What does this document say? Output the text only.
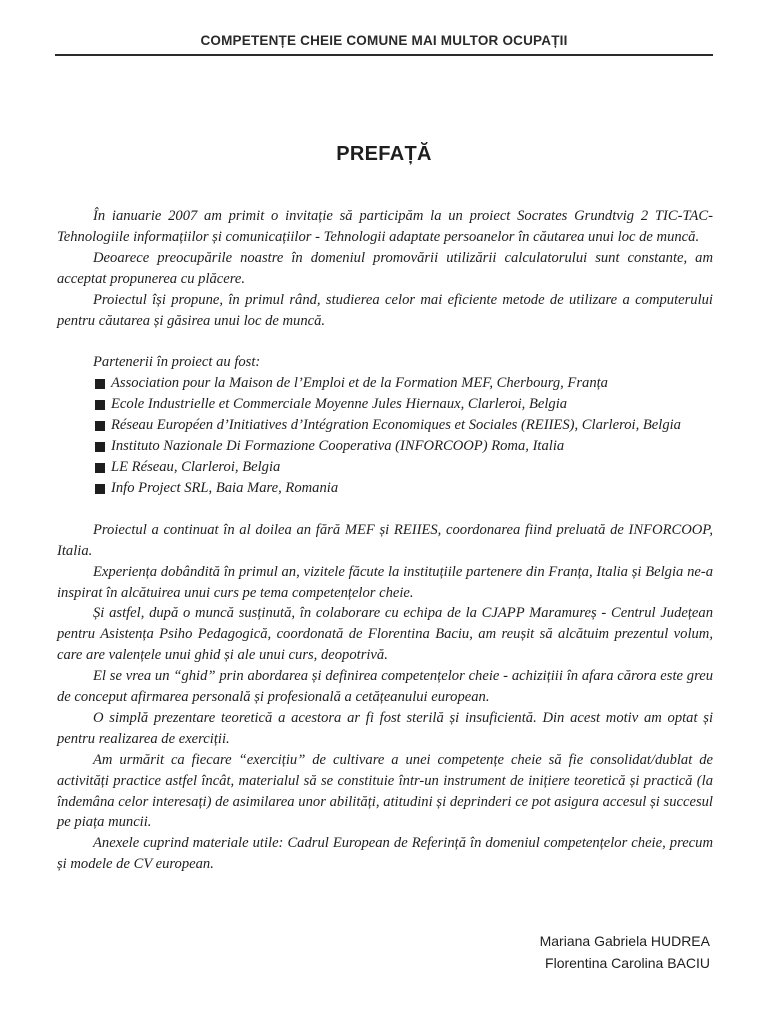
COMPETENȚE CHEIE COMUNE MAI MULTOR OCUPAȚII
PREFAȚĂ

În ianuarie 2007 am primit o invitație să participăm la un proiect Socrates Grundtvig 2 TIC-TAC-Tehnologiile informațiilor și comunicațiilor - Tehnologii adaptate persoanelor în căutarea unui loc de muncă.

Deoarece preocupările noastre în domeniul promovării utilizării calculatorului sunt constante, am acceptat propunerea cu plăcere.

Proiectul își propune, în primul rând, studierea celor mai eficiente metode de utilizare a computerului pentru căutarea și găsirea unui loc de muncă.

Partenerii în proiect au fost:

Association pour la Maison de l’Emploi et de la Formation MEF, Cherbourg, Franța
Ecole Industrielle et Commerciale Moyenne Jules Hiernaux, Clarleroi, Belgia
Réseau Européen d’Initiatives d’Intégration Economiques et Sociales (REIIES), Clarleroi, Belgia
Instituto Nazionale Di Formazione Cooperativa (INFORCOOP) Roma, Italia
LE Réseau, Clarleroi, Belgia
Info Project SRL, Baia Mare, Romania

Proiectul a continuat în al doilea an fără MEF și REIIES, coordonarea fiind preluată de INFORCOOP, Italia.

Experiența dobândită în primul an, vizitele făcute la instituțiile partenere din Franța, Italia și Belgia ne-a inspirat în alcătuirea unui curs pe tema competențelor cheie.

Și astfel, după o muncă susținută, în colaborare cu echipa de la CJAPP Maramureș - Centrul Județean pentru Asistența Psiho Pedagogică, coordonată de Florentina Baciu, am reușit să alcătuim prezentul volum, care are valențele unui ghid și ale unui curs, deopotrivă.

El se vrea un “ghid” prin abordarea și definirea competențelor cheie - achizițiii în afara cărora este greu de conceput afirmarea personală și profesională a cetățeanului european.

O simplă prezentare teoretică a acestora ar fi fost sterilă și insuficientă. Din acest motiv am optat și pentru realizarea de exerciții.

Am urmărit ca fiecare “exercițiu” de cultivare a unei competențe cheie să fie consolidat/dublat de activități practice astfel încât, materialul să se constituie într-un instrument de inițiere teoretică și practică (la îndemâna celor interesați) de asimilarea unor abilități, atitudini și deprinderi ce pot asigura accesul și succesul pe piața muncii.

Anexele cuprind materiale utile: Cadrul European de Referință în domeniul competențelor cheie, precum și modele de CV european.

Mariana Gabriela HUDREA
Florentina Carolina BACIU
